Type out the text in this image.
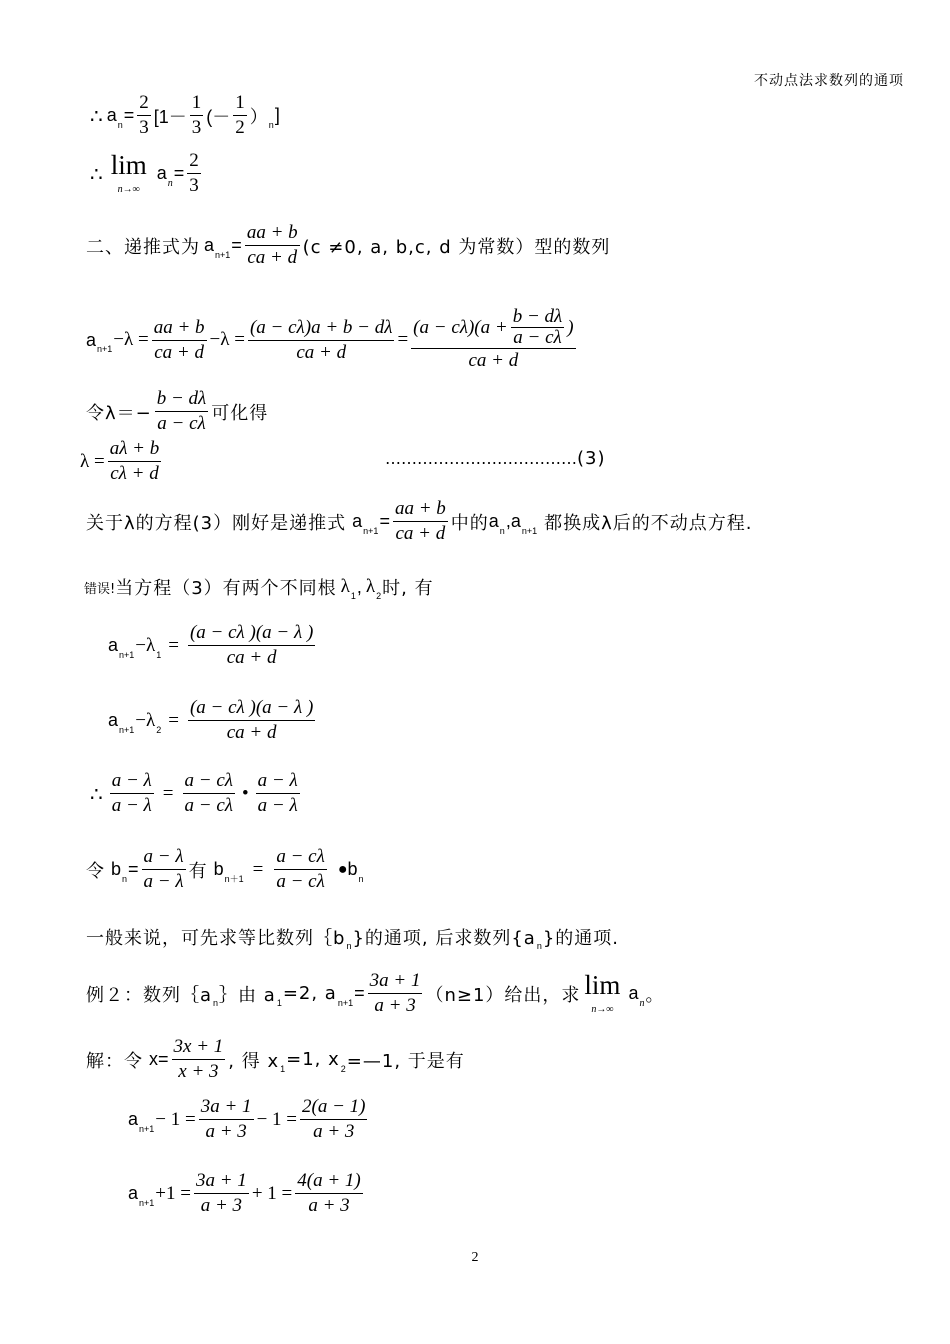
不动点法求数列的通项
∴ a $n = \frac{2}{3} [1- \frac{1}{3}$ (－ $\frac{1}{2}$ ） n ]
∴ lim
n→∞
a
n
= $\frac{2}{3}$
二、递推式为 a $n+1 = \frac{aa + b}{ca + d} (c \ne 0$, a, b,c, d 为常数）型的数列
a $n+1 -\lambda = \frac{aa + b}{ca + d} -\lambda = \frac{(a - c\lambda)a + b - d\lambda}{ca + d}$ =
$(a - c\lambda)(a + \frac{b - d\lambda}{a - c\lambda}$ )
ca + d
令$\lambda=- \frac{b - d\lambda}{a - c\lambda}$ 可化得
$\lambda = \frac{a\lambda + b}{c\lambda + d}$	……………………………… (3)
关于λ的方程(3）刚好是递推式 a $n+1 = \frac{aa + b}{ca + d}$ 中的 a n , a n+1 都换成λ后的不动点方程.
错误! 当方程（3）有两个不同根 λ 1 , λ 2 时, 有
a n+1 −λ $1 = \frac{(a - c\lambda )(a - \lambda )}{ca + d}$
a n+1 −λ $2 = \frac{(a - c\lambda )(a - \lambda )}{ca + d}$
∴ $\frac{a - \lambda}{a - \lambda} = \frac{a - c\lambda}{a - c\lambda}$ • $\frac{a - \lambda}{a - \lambda}$
令 b $n = \frac{a - \lambda}{a - \lambda}$ 有 b $n+1 = \frac{a - c\lambda}{a - c\lambda}$ ● b n
一般来说，可先求等比数列｛b n }的通项, 后求数列{a n }的通项.
例２：数列｛a n ｝由 a 1 =2, a $n+1 = \frac{3a + 1}{a + 3} (n\ge 1)$给出，求 lim
n→∞
a
n 。
解：令 $x= \frac{3x + 1}{x + 3}$ , 得 x 1 =1, x 2 =—1, 于是有
a $n+1 - 1 = \frac{3a + 1}{a + 3} - 1 = \frac{2(a - 1)}{a + 3}$
a $n+1 +1 = \frac{3a + 1}{a + 3} + 1 = \frac{4(a + 1)}{a + 3}$
2
